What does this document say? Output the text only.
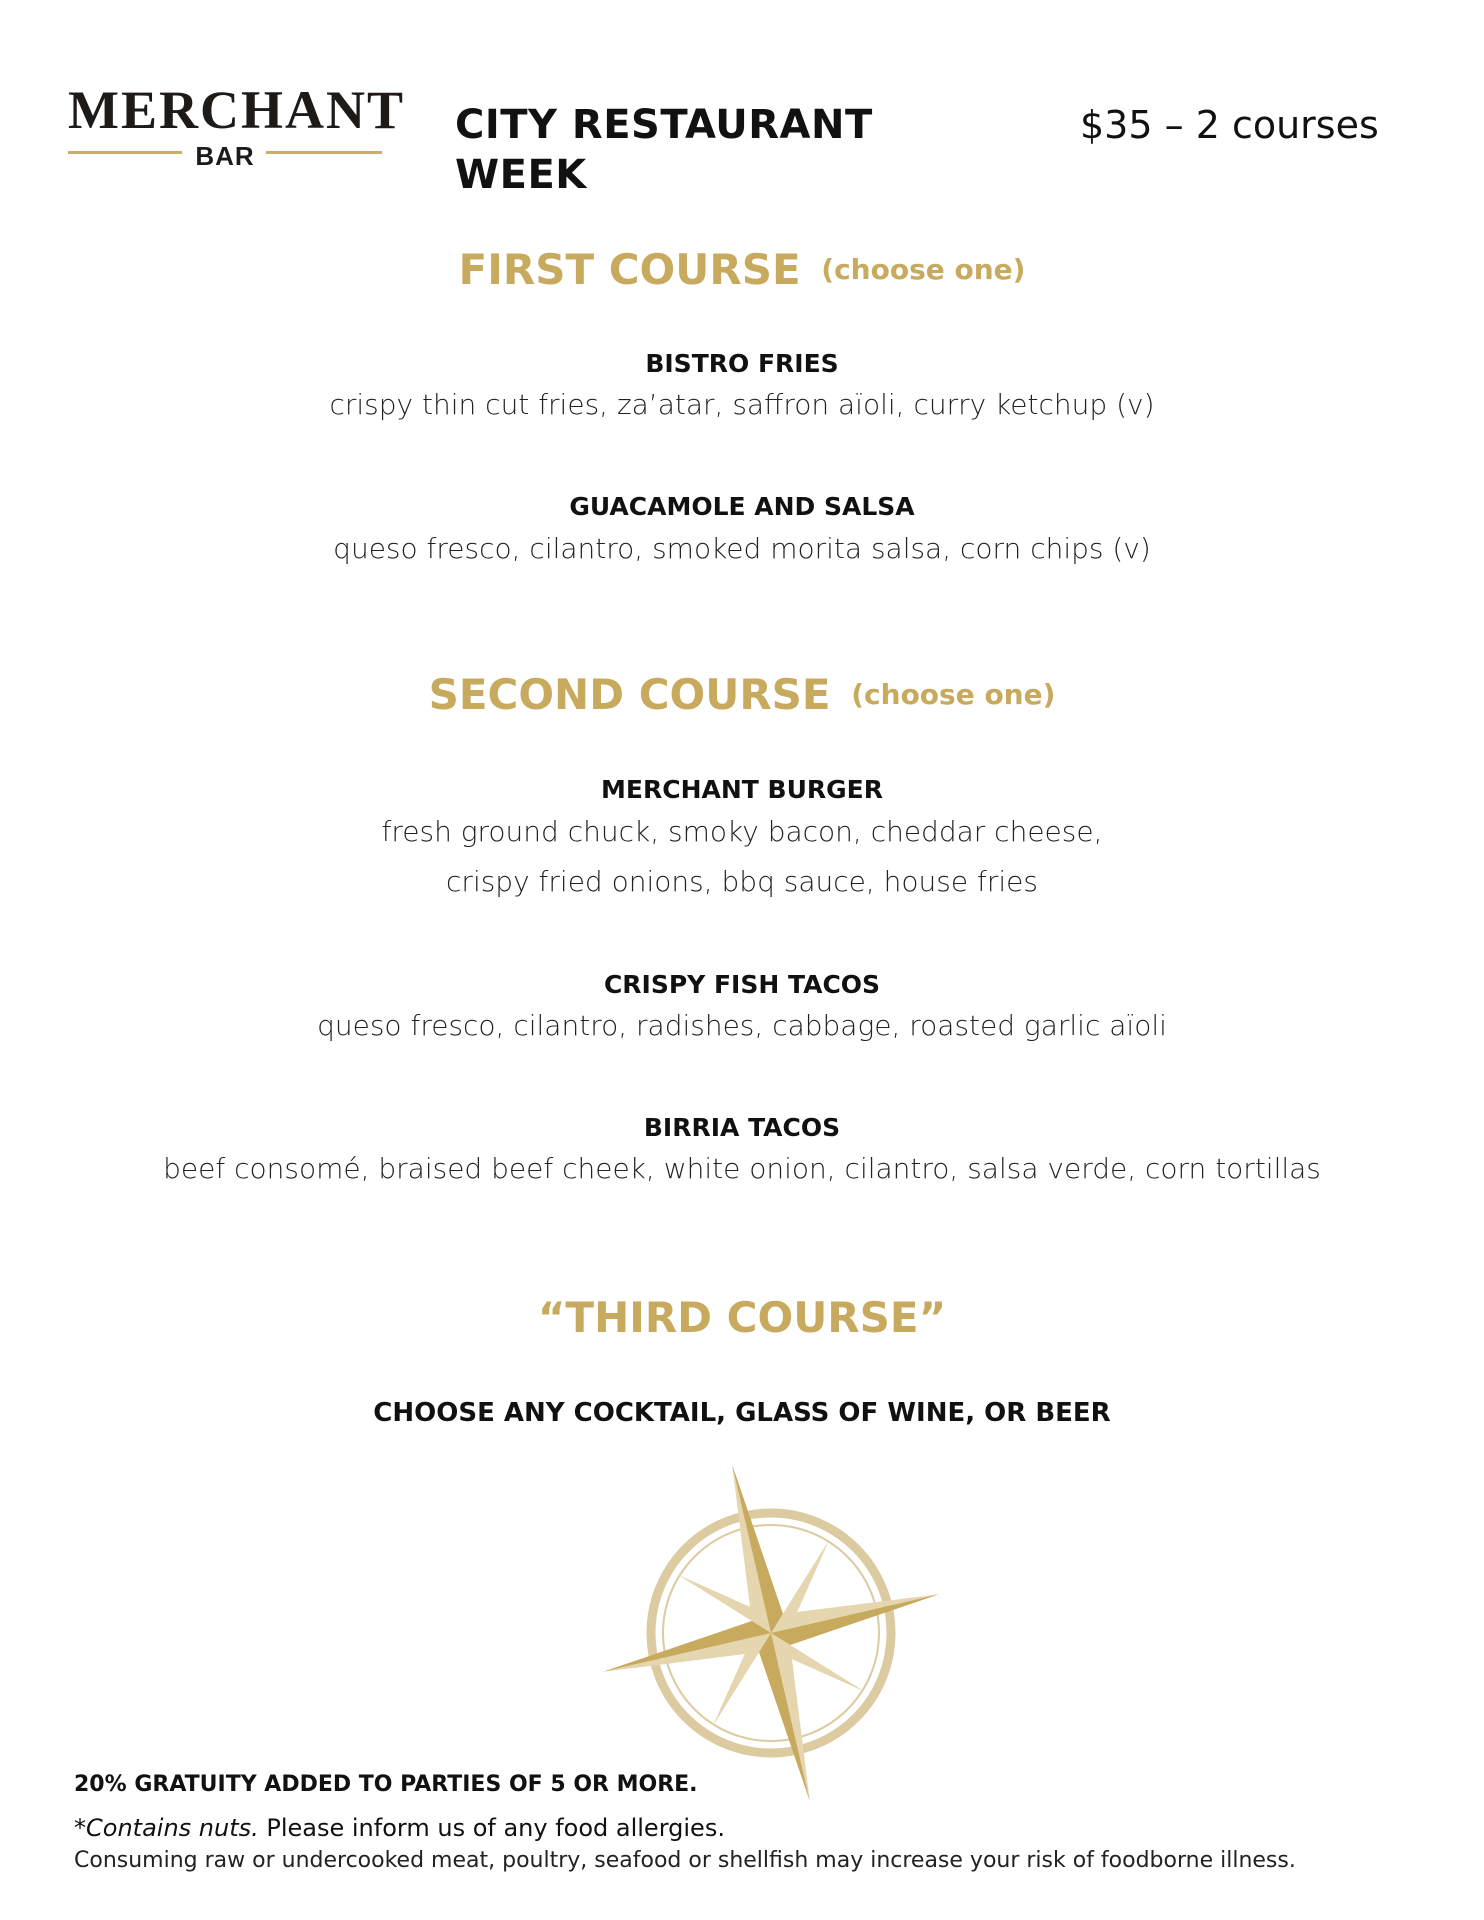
MERCHANT
BAR
CITY RESTAURANT WEEK
$35 – 2 courses
FIRST COURSE (choose one)
BISTRO FRIES
crispy thin cut fries, za’atar, saffron aïoli, curry ketchup (v)
GUACAMOLE AND SALSA
queso fresco, cilantro, smoked morita salsa, corn chips (v)
SECOND COURSE (choose one)
MERCHANT BURGER
fresh ground chuck, smoky bacon, cheddar cheese,
crispy fried onions, bbq sauce, house fries
CRISPY FISH TACOS
queso fresco, cilantro, radishes, cabbage, roasted garlic aïoli
BIRRIA TACOS
beef consomé, braised beef cheek, white onion, cilantro, salsa verde, corn tortillas
“THIRD COURSE”
CHOOSE ANY COCKTAIL, GLASS OF WINE, OR BEER
20% GRATUITY ADDED TO PARTIES OF 5 OR MORE.
*Contains nuts. Please inform us of any food allergies.
Consuming raw or undercooked meat, poultry, seafood or shellfish may increase your risk of foodborne illness.
